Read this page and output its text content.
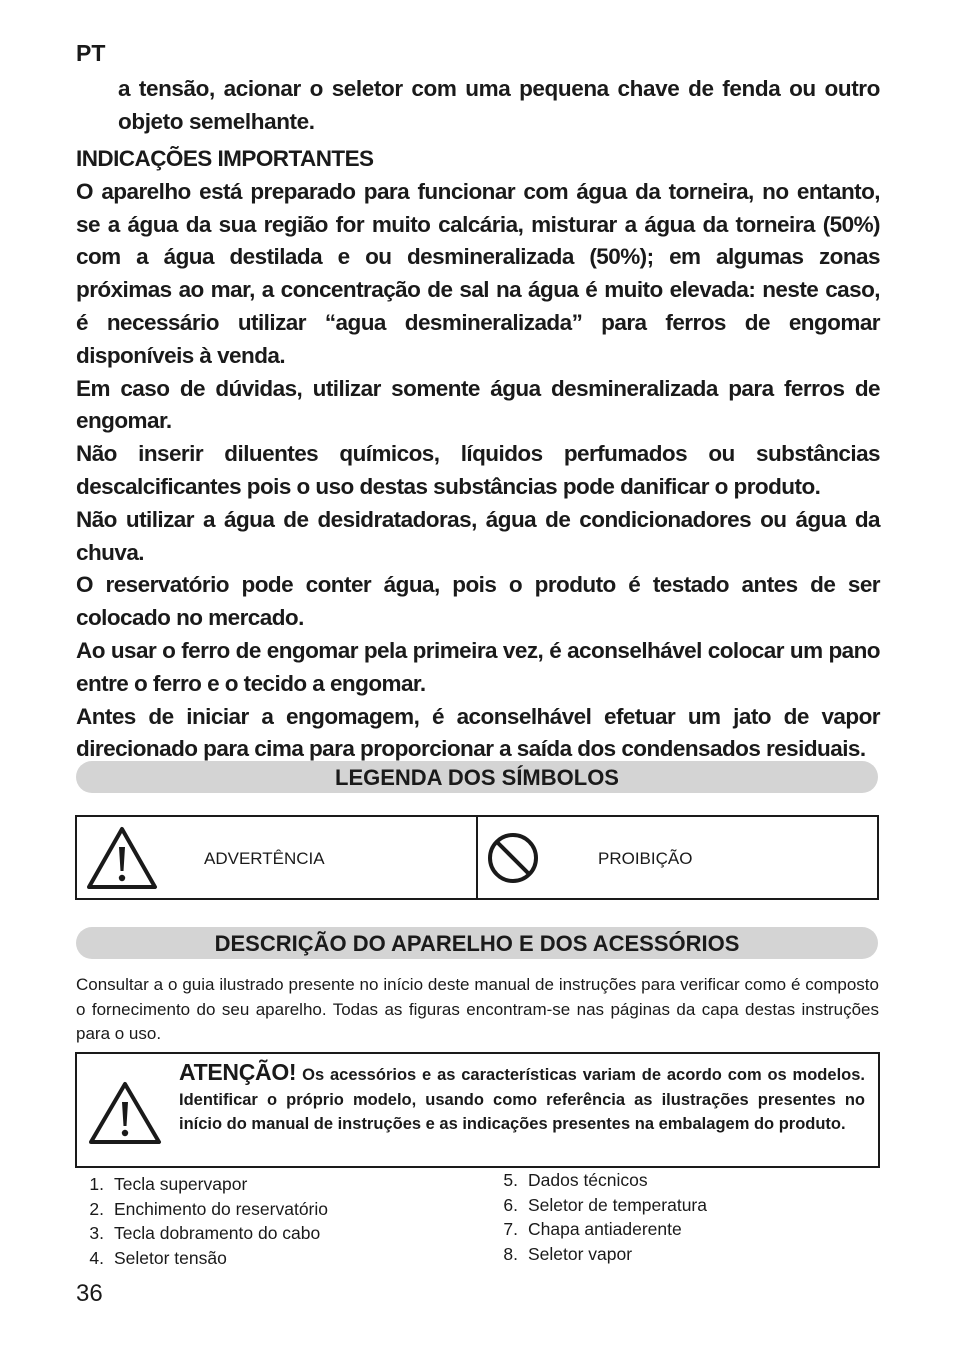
PT
a tensão, acionar o seletor com uma pequena chave de fenda ou outro objeto semelhante.

INDICAÇÕES IMPORTANTES

O aparelho está preparado para funcionar com água da torneira, no entanto, se a água da sua região for muito calcária, misturar a água da torneira (50%) com a água destilada e ou desmineralizada (50%); em algumas zonas próximas ao mar, a concentração de sal na água é muito elevada: neste caso, é necessário utilizar “agua desmineralizada” para ferros de engomar disponíveis à venda.

Em caso de dúvidas, utilizar somente água desmineralizada para ferros de engomar.

Não inserir diluentes químicos, líquidos perfumados ou substâncias descalcificantes pois o uso destas substâncias pode danificar o produto.

Não utilizar a água de desidratadoras, água de condicionadores ou água da chuva.

O reservatório pode conter água, pois o produto é testado antes de ser colocado no mercado.

Ao usar o ferro de engomar pela primeira vez, é aconselhável colocar um pano entre o ferro e o tecido a engomar.

Antes de iniciar a engomagem, é aconselhável efetuar um jato de vapor direcionado para cima para proporcionar a saída dos condensados residuais.

LEGENDA DOS SÍMBOLOS
ADVERTÊNCIA	PROIBIÇÃO
DESCRIÇÃO DO APARELHO E DOS ACESSÓRIOS
Consultar a o guia ilustrado presente no início deste manual de instruções para verificar como é composto o fornecimento do seu aparelho. Todas as figuras encontram-se nas páginas da capa destas instruções para o uso.
ATENÇÃO! Os acessórios e as características variam de acordo com os modelos. Identificar o próprio modelo, usando como referência as ilustrações presentes no início do manual de instruções e as indicações presentes na embalagem do produto.
1. Tecla supervapor
2. Enchimento do reservatório
3. Tecla dobramento do cabo
4. Seletor tensão
5. Dados técnicos
6. Seletor de temperatura
7. Chapa antiaderente
8. Seletor vapor
36
